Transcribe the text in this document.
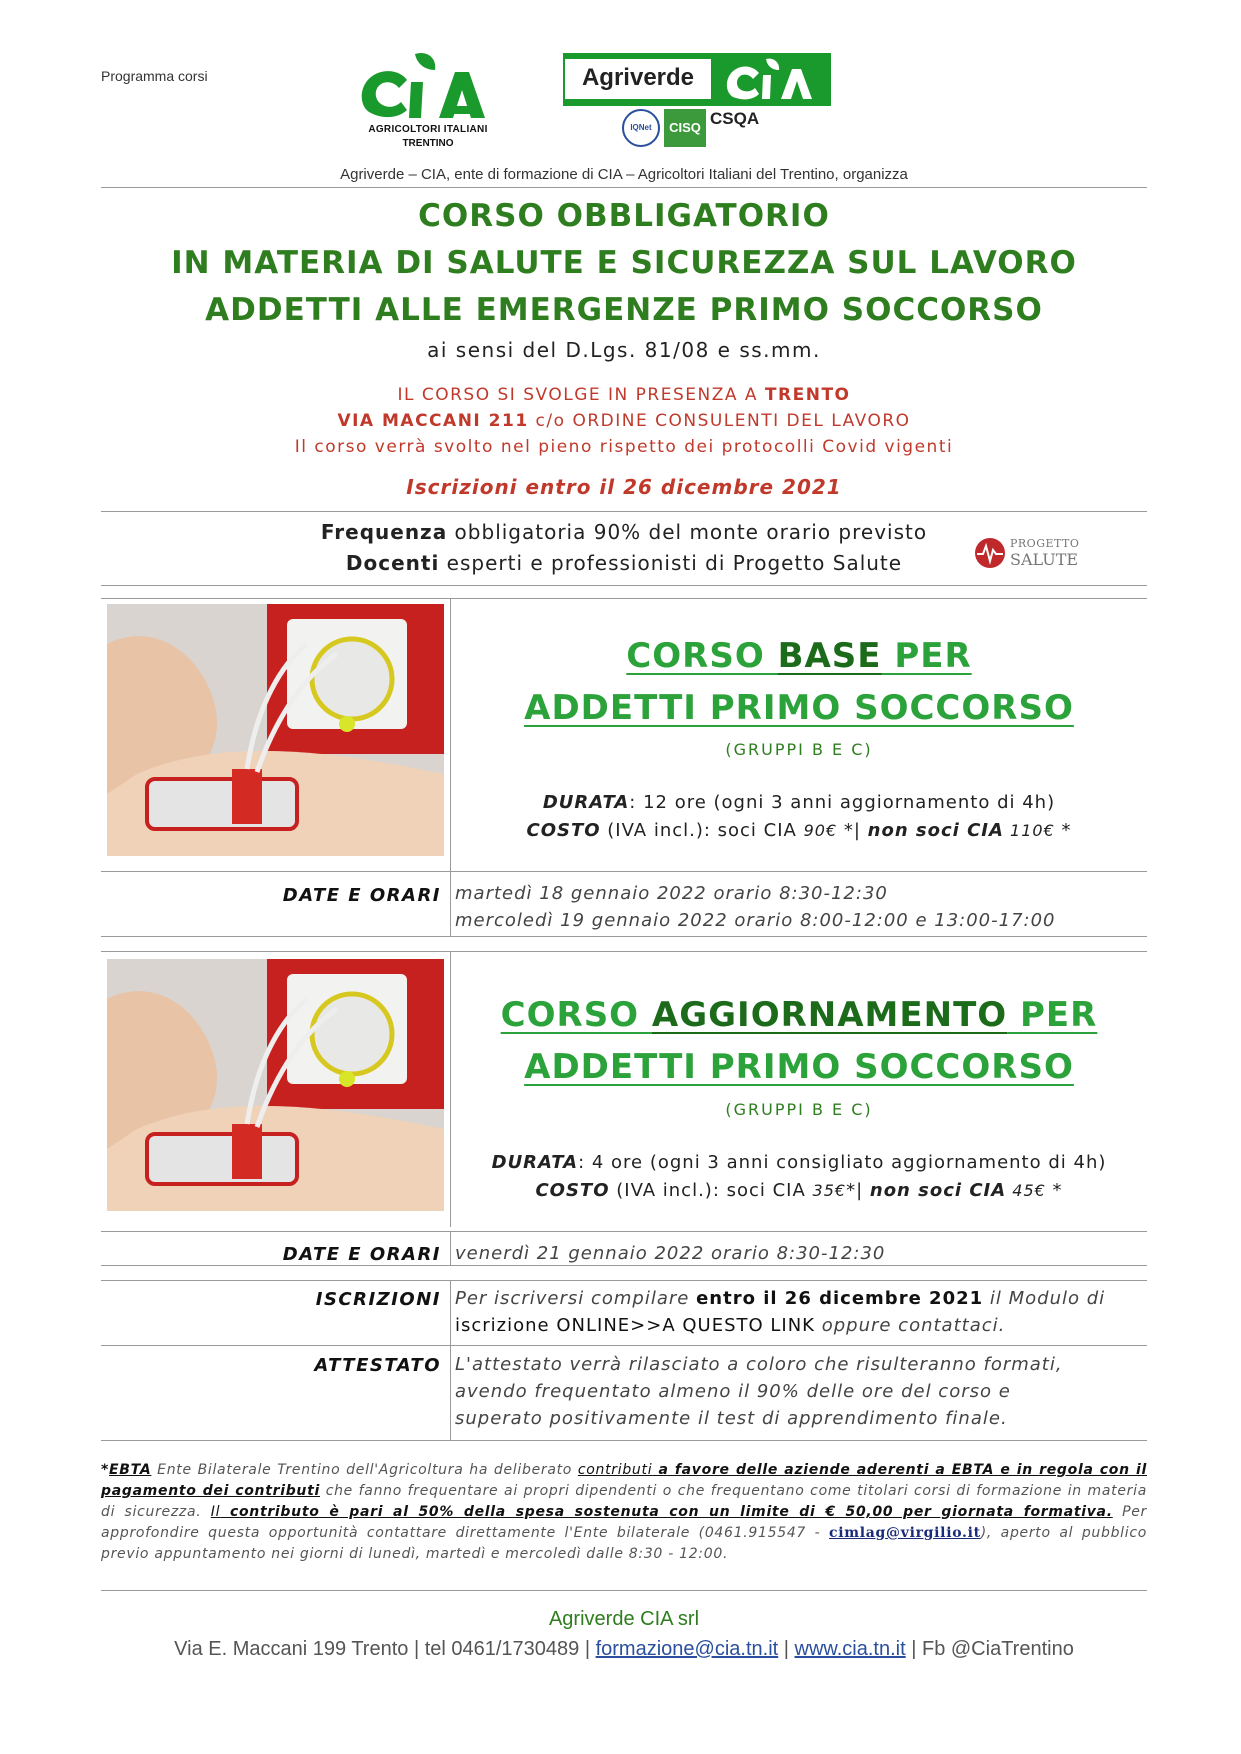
Programma corsi
AGRICOLTORI ITALIANI
TRENTINO
Agriverde
IQNet	CISQ CSQA
Agriverde – CIA, ente di formazione di CIA – Agricoltori Italiani del Trentino, organizza
CORSO OBBLIGATORIO
IN MATERIA DI SALUTE E SICUREZZA SUL LAVORO
ADDETTI ALLE EMERGENZE PRIMO SOCCORSO
ai sensi del D.Lgs. 81/08 e ss.mm.
IL CORSO SI SVOLGE IN PRESENZA A TRENTO
VIA MACCANI 211 c/o ORDINE CONSULENTI DEL LAVORO
Il corso verrà svolto nel pieno rispetto dei protocolli Covid vigenti
Iscrizioni entro il 26 dicembre 2021
Frequenza obbligatoria 90% del monte orario previsto
Docenti esperti e professionisti di Progetto Salute
PROGETTO
SALUTE
CORSO BASE PER
ADDETTI PRIMO SOCCORSO
(GRUPPI B E C)
DURATA: 12 ore (ogni 3 anni aggiornamento di 4h)
COSTO (IVA incl.): soci CIA 90€ *| non soci CIA 110€ *
DATE E ORARI martedì 18 gennaio 2022 orario 8:30-12:30
mercoledì 19 gennaio 2022 orario 8:00-12:00 e 13:00-17:00
CORSO AGGIORNAMENTO PER
ADDETTI PRIMO SOCCORSO
(GRUPPI B E C)
DURATA: 4 ore (ogni 3 anni consigliato aggiornamento di 4h)
COSTO (IVA incl.): soci CIA 35€*| non soci CIA 45€ *
DATE E ORARI venerdì 21 gennaio 2022 orario 8:30-12:30
ISCRIZIONI Per iscriversi compilare entro il 26 dicembre 2021 il Modulo di
iscrizione ONLINE>>A QUESTO LINK oppure contattaci.
ATTESTATO L'attestato verrà rilasciato a coloro che risulteranno formati,
avendo frequentato almeno il 90% delle ore del corso e
superato positivamente il test di apprendimento finale.
*EBTA Ente Bilaterale Trentino dell'Agricoltura ha deliberato contributi a favore delle aziende aderenti a EBTA e in regola con il pagamento dei contributi che fanno frequentare ai propri dipendenti o che frequentano come titolari corsi di formazione in materia di sicurezza. Il contributo è pari al 50% della spesa sostenuta con un limite di € 50,00 per giornata formativa. Per approfondire questa opportunità contattare direttamente l'Ente bilaterale (0461.915547 - cimlag@virgilio.it), aperto al pubblico previo appuntamento nei giorni di lunedì, martedì e mercoledì dalle 8:30 - 12:00.
Agriverde CIA srl
Via E. Maccani 199 Trento | tel 0461/1730489 | formazione@cia.tn.it | www.cia.tn.it | Fb @CiaTrentino
